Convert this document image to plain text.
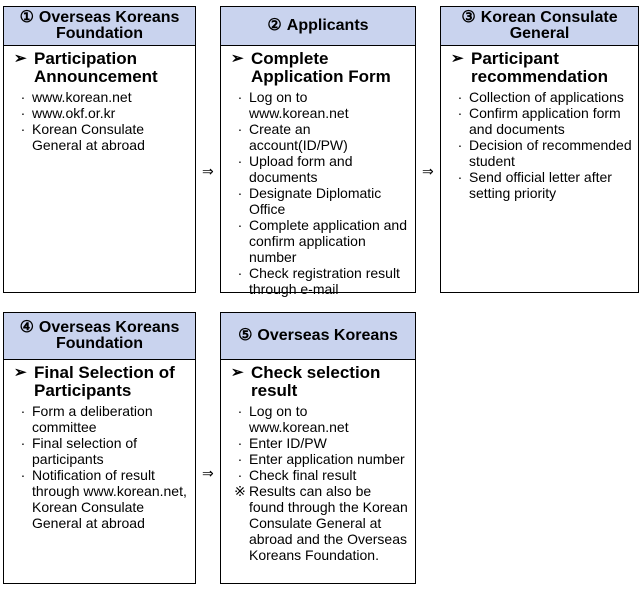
① Overseas Koreans Foundation
➢ Participation Announcement
· www.korean.net
· www.okf.or.kr
· Korean Consulate General at abroad
⇒
② Applicants
➢ Complete Application Form
· Log on to www.korean.net
· Create an account(ID/PW)
· Upload form and documents
· Designate Diplomatic Office
· Complete application and confirm application number
· Check registration result through e-mail
⇒
③ Korean Consulate General
➢ Participant recommendation
· Collection of applications
· Confirm application form and documents
· Decision of recommended student
· Send official letter after setting priority
④ Overseas Koreans Foundation
➢ Final Selection of Participants
· Form a deliberation committee
· Final selection of participants
· Notification of result through www.korean.net, Korean Consulate General at abroad
⇒
⑤ Overseas Koreans
➢ Check selection result
· Log on to www.korean.net
· Enter ID/PW
· Enter application number
· Check final result
※ Results can also be found through the Korean Consulate General at abroad and the Overseas Koreans Foundation.
